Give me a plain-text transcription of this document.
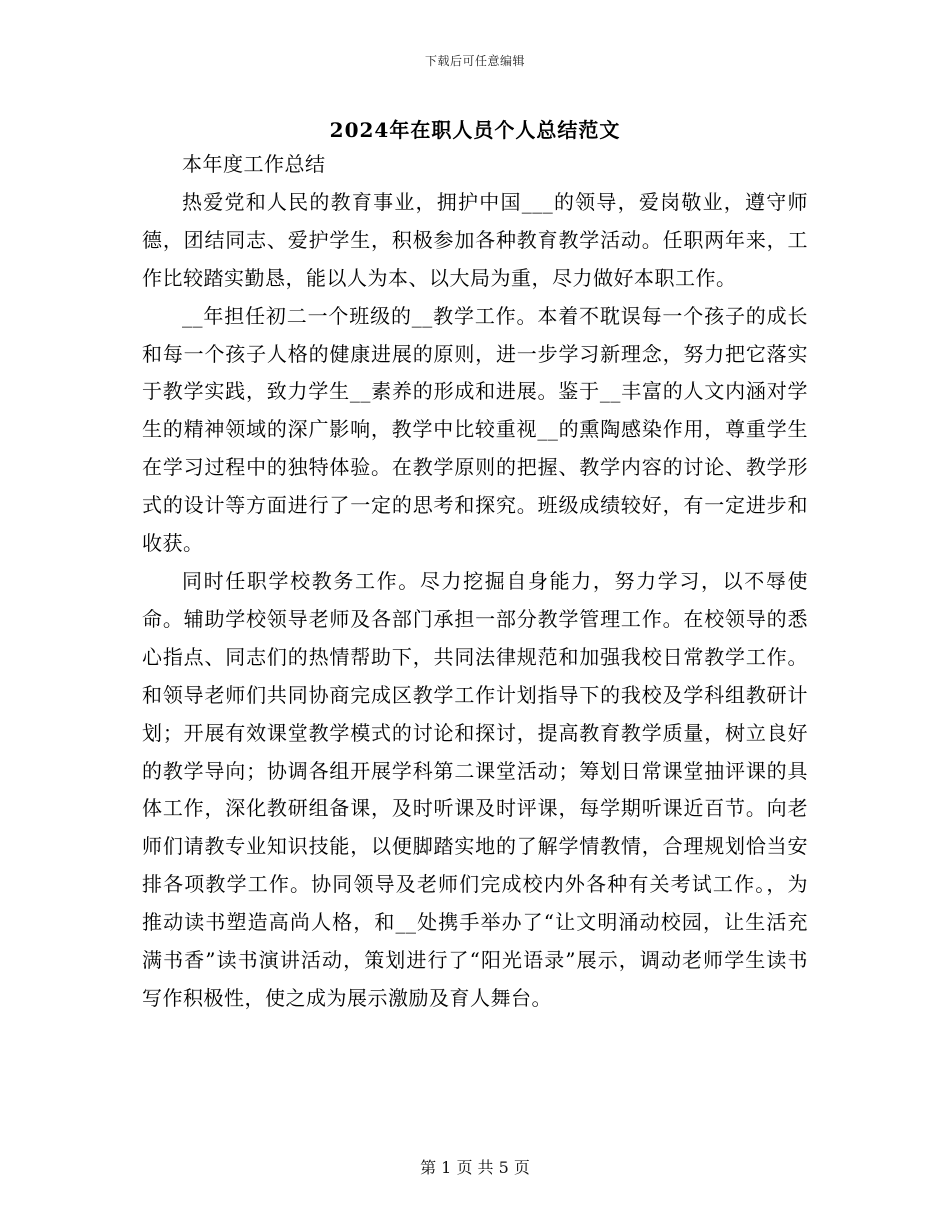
下载后可任意编辑
2024年在职人员个人总结范文

本年度工作总结

热爱党和人民的教育事业，拥护中国___的领导，爱岗敬业，遵守师德，团结同志、爱护学生，积极参加各种教育教学活动。任职两年来，工作比较踏实勤恳，能以人为本、以大局为重，尽力做好本职工作。

__年担任初二一个班级的__教学工作。本着不耽误每一个孩子的成长和每一个孩子人格的健康进展的原则，进一步学习新理念，努力把它落实于教学实践，致力学生__素养的形成和进展。鉴于__丰富的人文内涵对学生的精神领域的深广影响，教学中比较重视__的熏陶感染作用，尊重学生在学习过程中的独特体验。在教学原则的把握、教学内容的讨论、教学形式的设计等方面进行了一定的思考和探究。班级成绩较好，有一定进步和收获。

同时任职学校教务工作。尽力挖掘自身能力，努力学习，以不辱使命。辅助学校领导老师及各部门承担一部分教学管理工作。在校领导的悉心指点、同志们的热情帮助下，共同法律规范和加强我校日常教学工作。和领导老师们共同协商完成区教学工作计划指导下的我校及学科组教研计划；开展有效课堂教学模式的讨论和探讨，提高教育教学质量，树立良好的教学导向；协调各组开展学科第二课堂活动；筹划日常课堂抽评课的具体工作，深化教研组备课，及时听课及时评课，每学期听课近百节。向老师们请教专业知识技能，以便脚踏实地的了解学情教情，合理规划恰当安排各项教学工作。协同领导及老师们完成校内外各种有关考试工作。，为推动读书塑造高尚人格，和__处携手举办了“让文明涌动校园，让生活充满书香”读书演讲活动，策划进行了“阳光语录”展示，调动老师学生读书写作积极性，使之成为展示激励及育人舞台。

第 1 页 共 5 页
